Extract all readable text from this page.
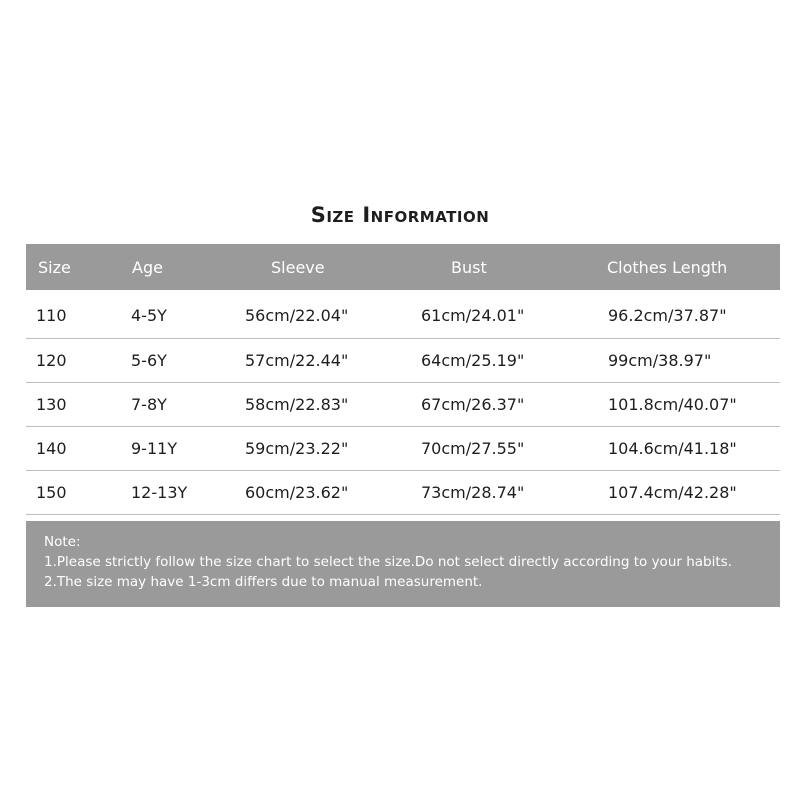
Size Information
Size	Age	Sleeve	Bust	Clothes Length
110	4-5Y	56cm/22.04"	61cm/24.01"	96.2cm/37.87"
120	5-6Y	57cm/22.44"	64cm/25.19"	99cm/38.97"
130	7-8Y	58cm/22.83"	67cm/26.37"	101.8cm/40.07"
140	9-11Y	59cm/23.22"	70cm/27.55"	104.6cm/41.18"
150	12-13Y	60cm/23.62"	73cm/28.74"	107.4cm/42.28"
Note:
1.Please strictly follow the size chart to select the size.Do not select directly according to your habits.
2.The size may have 1-3cm differs due to manual measurement.
